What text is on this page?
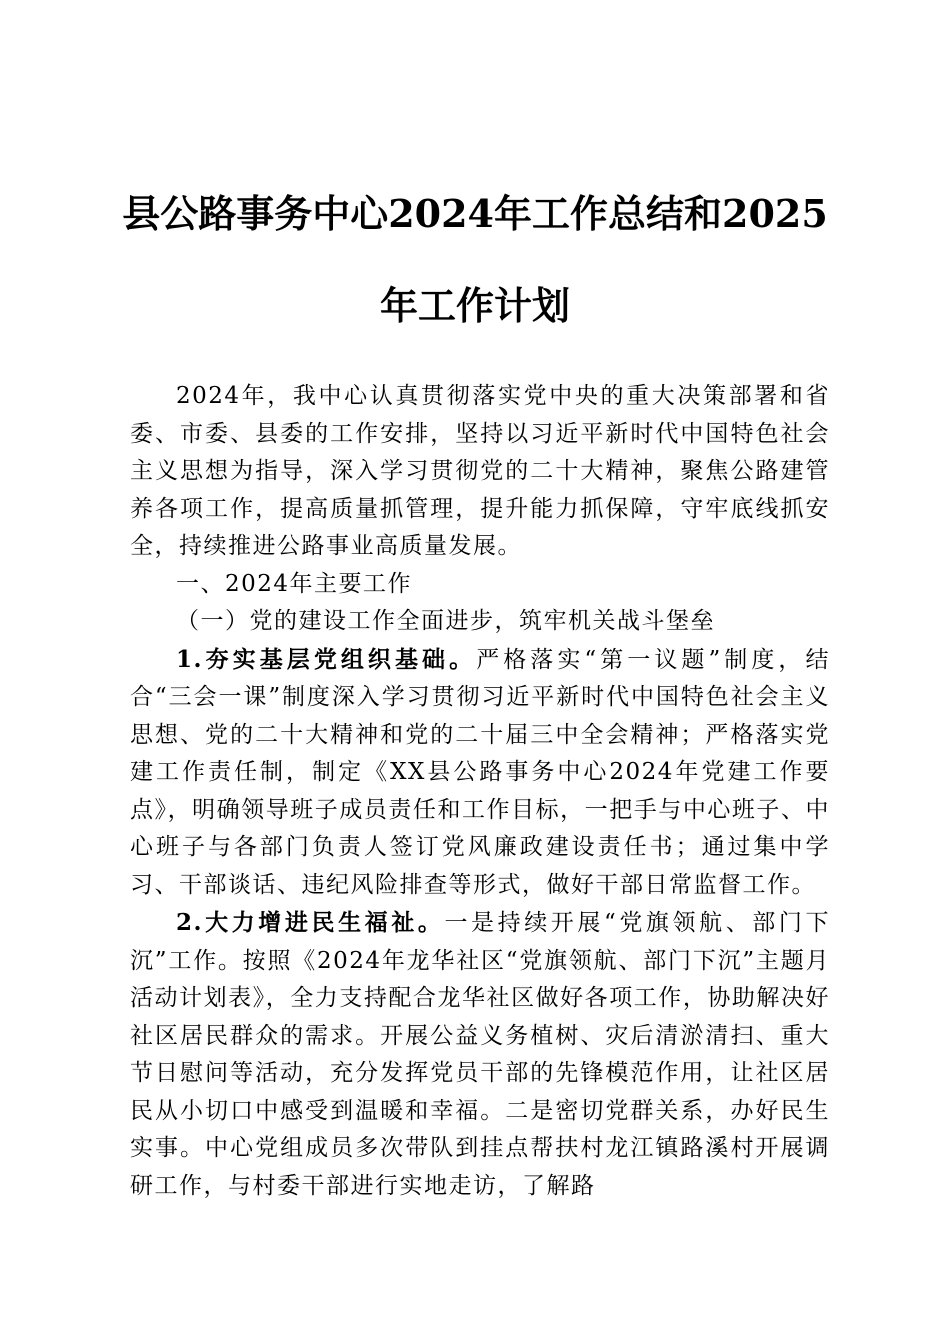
县公路事务中心2024年工作总结和2025年工作计划

2024年，我中心认真贯彻落实党中央的重大决策部署和省委、市委、县委的工作安排，坚持以习近平新时代中国特色社会主义思想为指导，深入学习贯彻党的二十大精神，聚焦公路建管养各项工作，提高质量抓管理，提升能力抓保障，守牢底线抓安全，持续推进公路事业高质量发展。

一、2024年主要工作

（一）党的建设工作全面进步，筑牢机关战斗堡垒

1.夯实基层党组织基础。严格落实“第一议题”制度，结合“三会一课”制度深入学习贯彻习近平新时代中国特色社会主义思想、党的二十大精神和党的二十届三中全会精神；严格落实党建工作责任制，制定《XX县公路事务中心2024年党建工作要点》，明确领导班子成员责任和工作目标，一把手与中心班子、中心班子与各部门负责人签订党风廉政建设责任书；通过集中学习、干部谈话、违纪风险排查等形式，做好干部日常监督工作。

2.大力增进民生福祉。一是持续开展“党旗领航、部门下沉”工作。按照《2024年龙华社区“党旗领航、部门下沉”主题月活动计划表》，全力支持配合龙华社区做好各项工作，协助解决好社区居民群众的需求。开展公益义务植树、灾后清淤清扫、重大节日慰问等活动，充分发挥党员干部的先锋模范作用，让社区居民从小切口中感受到温暖和幸福。二是密切党群关系，办好民生实事。中心党组成员多次带队到挂点帮扶村龙江镇路溪村开展调研工作，与村委干部进行实地走访，了解路
